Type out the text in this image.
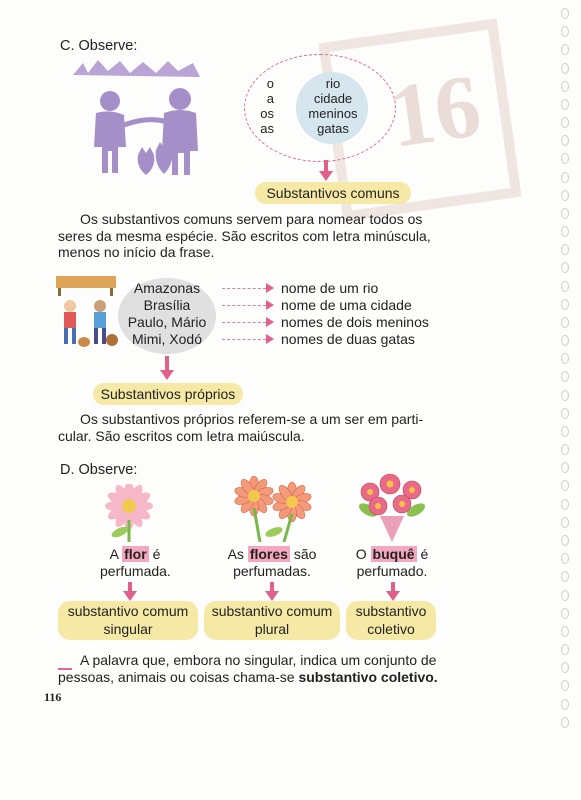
16
C. Observe:
o
a
os
as
rio
cidade
meninos
gatas
Substantivos comuns
Os substantivos comuns servem para nomear todos os
seres da mesma espécie. São escritos com letra minúscula,
menos no início da frase.
Amazonas
Brasília
Paulo, Mário
Mimi, Xodó
nome de um rio
nome de uma cidade
nomes de dois meninos
nomes de duas gatas
Substantivos próprios
Os substantivos próprios referem-se a um ser em parti-
cular. São escritos com letra maiúscula.
D. Observe:
A flor é
perfumada.
As flores são
perfumadas.
O buquê é
perfumado.
substantivo comum
singular
substantivo comum
plural
substantivo
coletivo
A palavra que, embora no singular, indica um conjunto de
pessoas, animais ou coisas chama-se substantivo coletivo.
116
